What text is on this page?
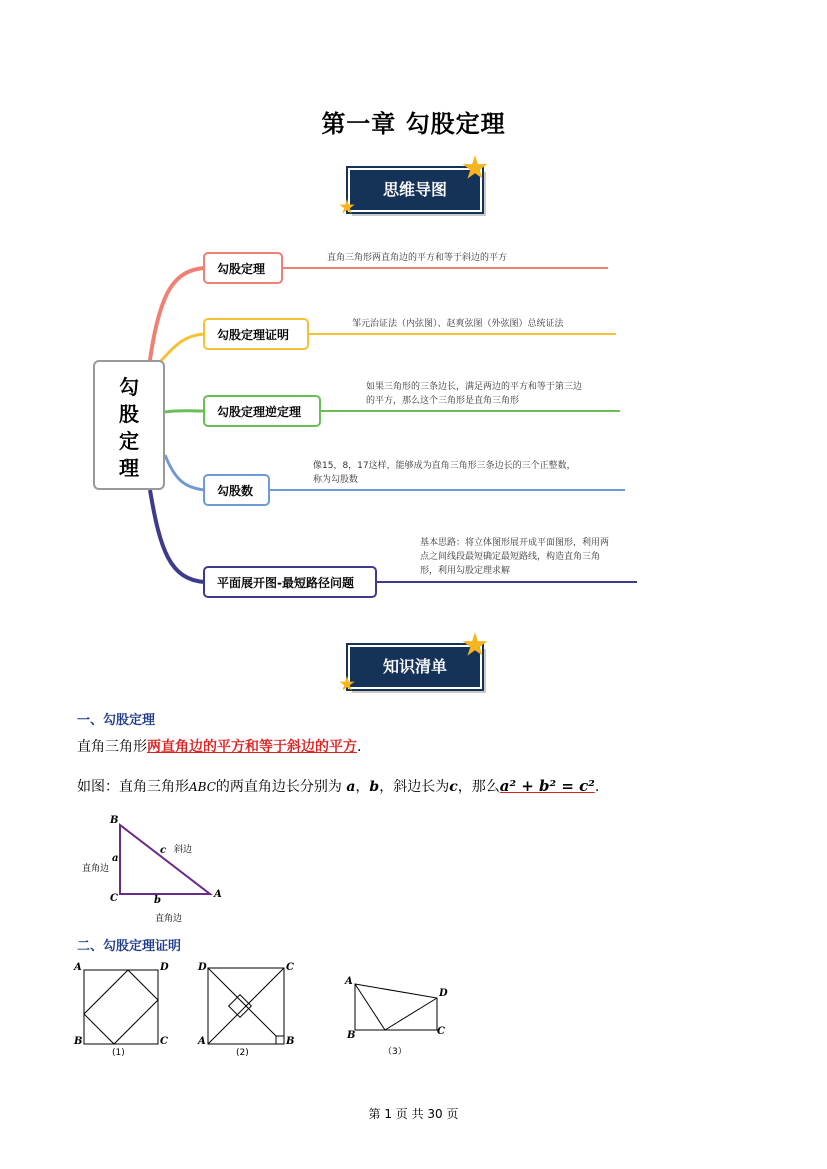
第一章 勾股定理
思维导图
勾
股
定
理
勾股定理
直角三角形两直角边的平方和等于斜边的平方
勾股定理证明
邹元治证法（内弦图）、赵爽弦图（外弦图）总统证法
勾股定理逆定理
如果三角形的三条边长，满足两边的平方和等于第三边
的平方，那么这个三角形是直角三角形
勾股数
像15，8，17这样，能够成为直角三角形三条边长的三个正整数，
称为勾股数
平面展开图-最短路径问题
基本思路：将立体图形展开成平面图形，利用两
点之间线段最短确定最短路线，构造直角三角
形，利用勾股定理求解
知识清单
一、勾股定理
直角三角形两直角边的平方和等于斜边的平方.
如图：直角三角形ABC的两直角边长分别为 a，b，斜边长为c，那么a² + b² = c².
B
C	A
a
c
b
直角边
斜边
直角边
二、勾股定理证明
A	D
B	C
(1)
D	C
A	B
(2)
A
D
B	C
（3）
第 1 页 共 30 页
